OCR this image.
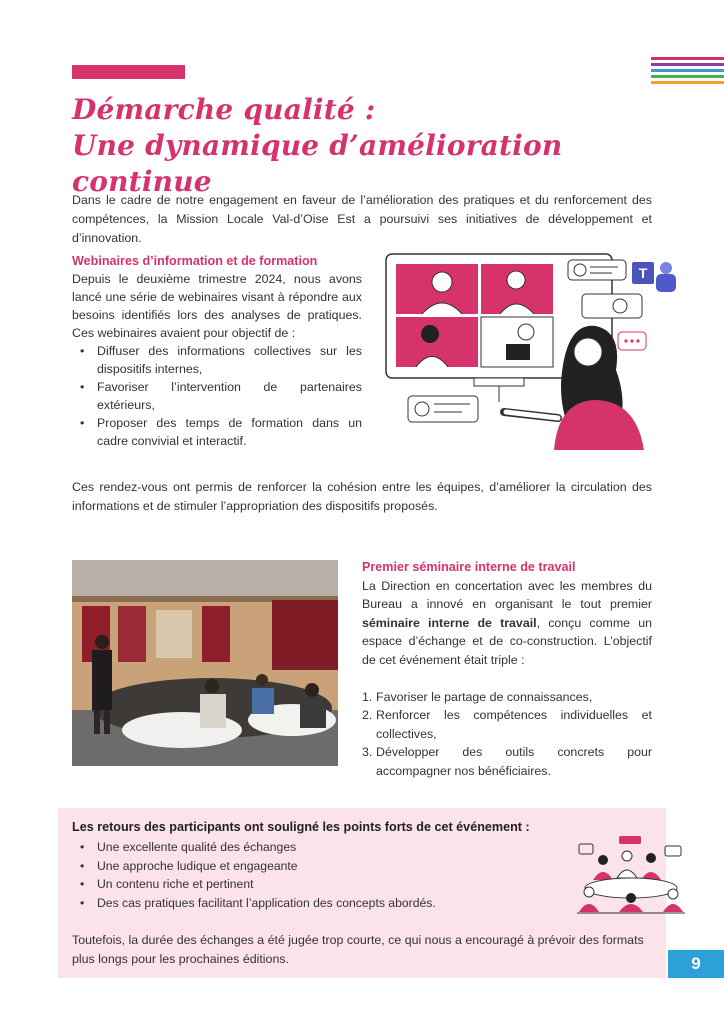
Démarche qualité :
Une dynamique d’amélioration continue

Dans le cadre de notre engagement en faveur de l’amélioration des pratiques et du renforcement des compétences, la Mission Locale Val-d’Oise Est a poursuivi ses initiatives de développement et d’innovation.

Webinaires d’information et de formation

Depuis le deuxième trimestre 2024, nous avons lancé une série de webinaires visant à répondre aux besoins identifiés lors des analyses de pratiques. Ces webinaires avaient pour objectif de :

• Diffuser des informations collectives sur les dispositifs internes,
• Favoriser l’intervention de partenaires extérieurs,
• Proposer des temps de formation dans un cadre convivial et interactif.
T

Ces rendez-vous ont permis de renforcer la cohésion entre les équipes, d’améliorer la circulation des informations et de stimuler l’appropriation des dispositifs proposés.

Premier séminaire interne de travail

La Direction en concertation avec les membres du Bureau a innové en organisant le tout premier séminaire interne de travail, conçu comme un espace d’échange et de co-construction. L’objectif de cet événement était triple :

1. Favoriser le partage de connaissances,
2. Renforcer les compétences individuelles et collectives,
3. Développer des outils concrets pour accompagner nos bénéficiaires.
Les retours des participants ont souligné les points forts de cet événement :
• Une excellente qualité des échanges
• Une approche ludique et engageante
• Un contenu riche et pertinent
• Des cas pratiques facilitant l’application des concepts abordés.

Toutefois, la durée des échanges a été jugée trop courte, ce qui nous a encouragé à prévoir des formats plus longs pour les prochaines éditions.	9
